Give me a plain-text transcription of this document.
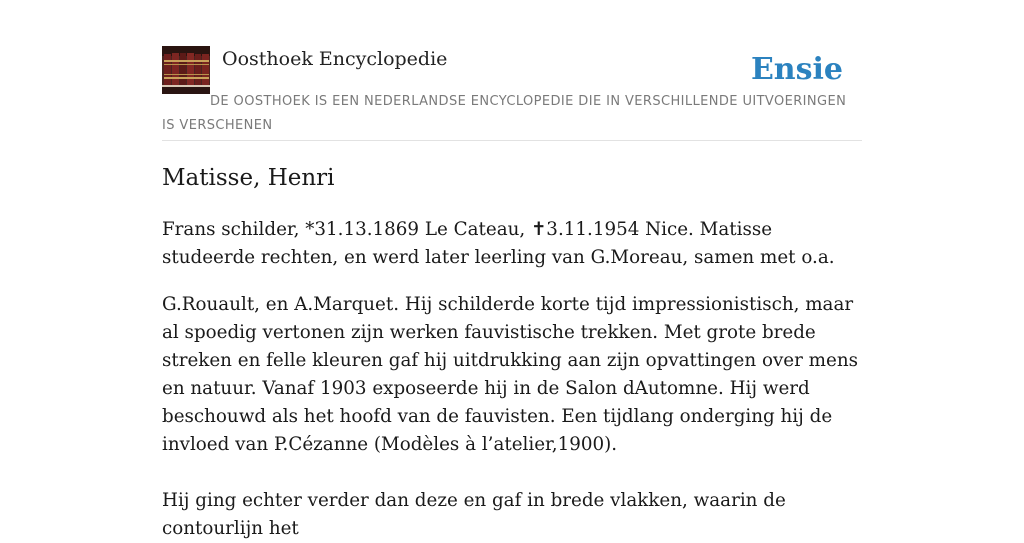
Oosthoek Encyclopedie	Ensie
DE OOSTHOEK IS EEN NEDERLANDSE ENCYCLOPEDIE DIE IN VERSCHILLENDE UITVOERINGEN IS VERSCHENEN
Matisse, Henri

Frans schilder, *31.13.1869 Le Cateau, ✝3.11.1954 Nice. Matisse studeerde rechten, en werd later leerling van G.Moreau, samen met o.a.

G.Rouault, en A.Marquet. Hij schilderde korte tijd impressionistisch, maar al spoedig vertonen zijn werken fauvistische trekken. Met grote brede streken en felle kleuren gaf hij uitdrukking aan zijn opvattingen over mens en natuur. Vanaf 1903 exposeerde hij in de Salon dAutomne. Hij werd beschouwd als het hoofd van de fauvisten. Een tijdlang onderging hij de invloed van P.Cézanne (Modèles à l’atelier,1900).

Hij ging echter verder dan deze en gaf in brede vlakken, waarin de contourlijn het
